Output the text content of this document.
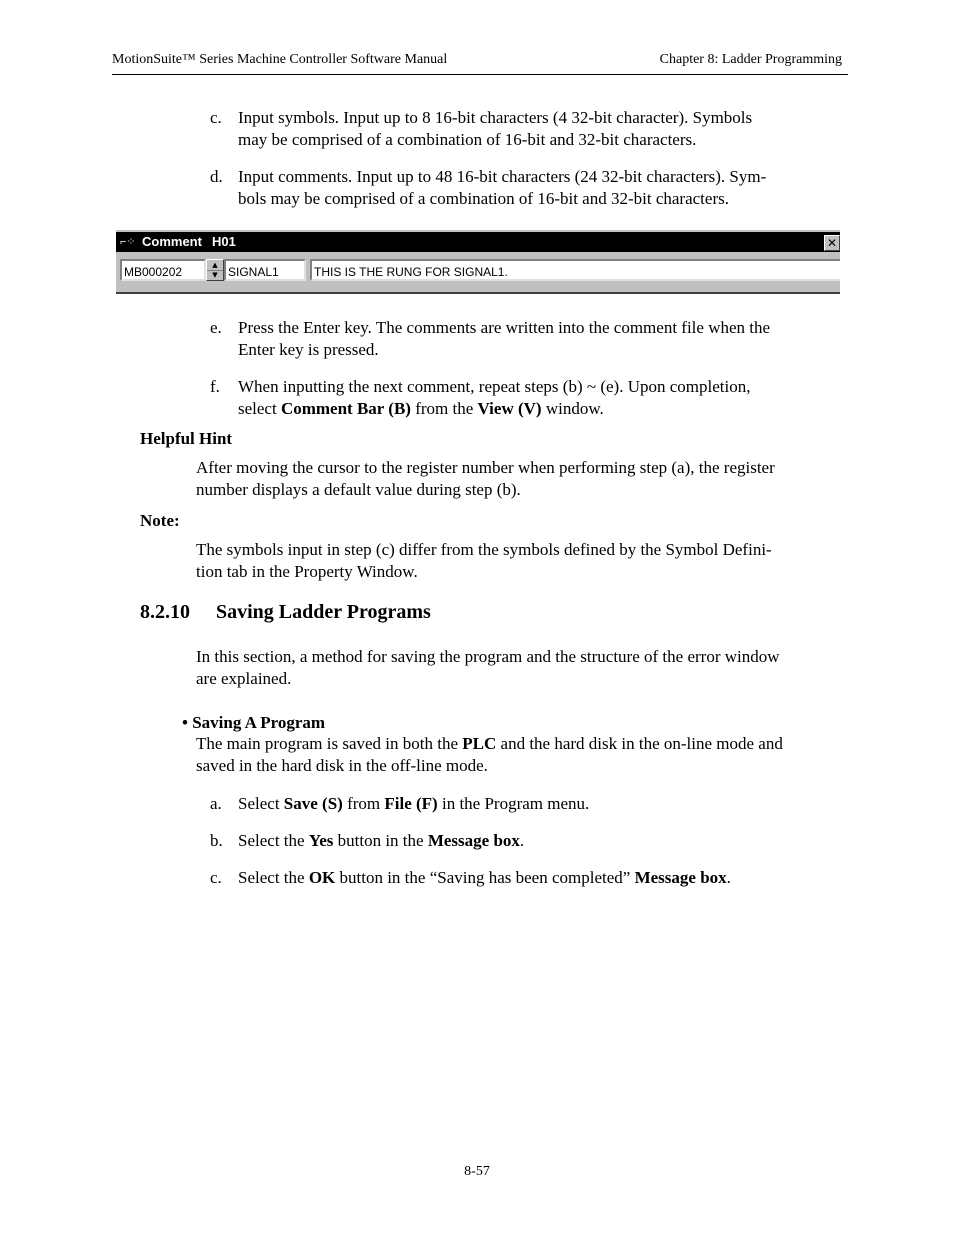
MotionSuite™ Series Machine Controller Software Manual	Chapter 8: Ladder Programming
c. Input symbols. Input up to 8 16-bit characters (4 32-bit character). Symbols
may be comprised of a combination of 16-bit and 32-bit characters.
d. Input comments. Input up to 48 16-bit characters (24 32-bit characters). Sym-
bols may be comprised of a combination of 16-bit and 32-bit characters.
⌐⁘ Comment H01	✕
MB000202	▲
▼ SIGNAL1	THIS IS THE RUNG FOR SIGNAL1.
e. Press the Enter key. The comments are written into the comment file when the
Enter key is pressed.
f.	When inputting the next comment, repeat steps (b) ~ (e). Upon completion,
select Comment Bar (B) from the View (V) window.
Helpful Hint
After moving the cursor to the register number when performing step (a), the register
number displays a default value during step (b).
Note:
The symbols input in step (c) differ from the symbols defined by the Symbol Defini-
tion tab in the Property Window.
8.2.10 Saving Ladder Programs
In this section, a method for saving the program and the structure of the error window
are explained.
• Saving A Program
The main program is saved in both the PLC and the hard disk in the on-line mode and
saved in the hard disk in the off-line mode.
a. Select Save (S) from File (F) in the Program menu.
b. Select the Yes button in the Message box.
c. Select the OK button in the “Saving has been completed” Message box.
8-57
